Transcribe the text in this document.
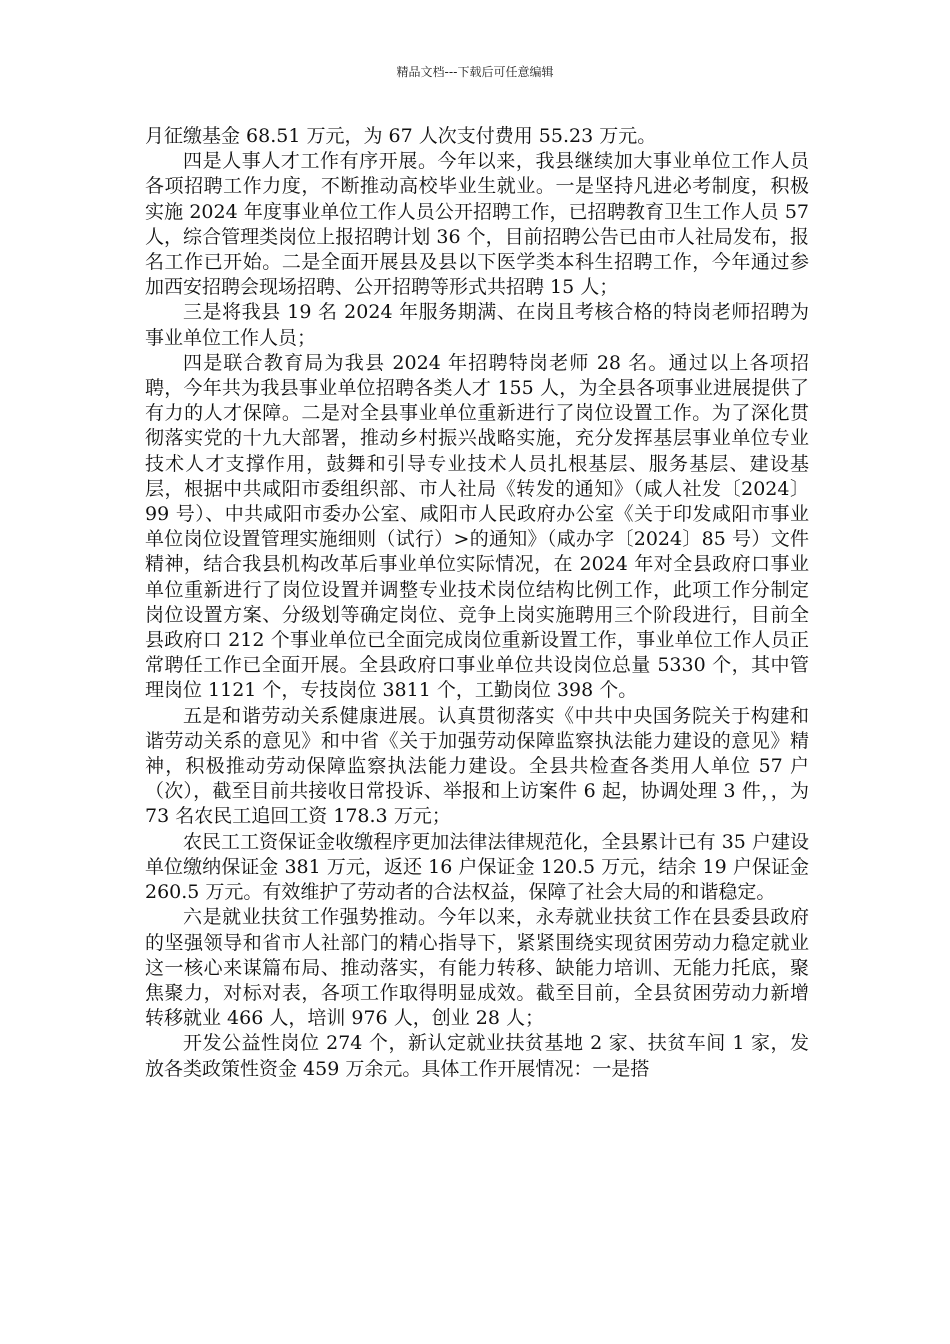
精品文档---下载后可任意编辑

月征缴基金 68.51 万元，为 67 人次支付费用 55.23 万元。

四是人事人才工作有序开展。今年以来，我县继续加大事业单位工作人员各项招聘工作力度，不断推动高校毕业生就业。一是坚持凡进必考制度，积极实施 2024 年度事业单位工作人员公开招聘工作，已招聘教育卫生工作人员 57 人，综合管理类岗位上报招聘计划 36 个，目前招聘公告已由市人社局发布，报名工作已开始。二是全面开展县及县以下医学类本科生招聘工作，今年通过参加西安招聘会现场招聘、公开招聘等形式共招聘 15 人；

三是将我县 19 名 2024 年服务期满、在岗且考核合格的特岗老师招聘为事业单位工作人员；

四是联合教育局为我县 2024 年招聘特岗老师 28 名。通过以上各项招聘，今年共为我县事业单位招聘各类人才 155 人，为全县各项事业进展提供了有力的人才保障。二是对全县事业单位重新进行了岗位设置工作。为了深化贯彻落实党的十九大部署，推动乡村振兴战略实施，充分发挥基层事业单位专业技术人才支撑作用，鼓舞和引导专业技术人员扎根基层、服务基层、建设基层，根据中共咸阳市委组织部、市人社局《转发的通知》（咸人社发〔2024〕99 号）、中共咸阳市委办公室、咸阳市人民政府办公室《关于印发咸阳市事业单位岗位设置管理实施细则（试行）>的通知》（咸办字〔2024〕85 号）文件精神，结合我县机构改革后事业单位实际情况，在 2024 年对全县政府口事业单位重新进行了岗位设置并调整专业技术岗位结构比例工作，此项工作分制定岗位设置方案、分级划等确定岗位、竞争上岗实施聘用三个阶段进行，目前全县政府口 212 个事业单位已全面完成岗位重新设置工作，事业单位工作人员正常聘任工作已全面开展。全县政府口事业单位共设岗位总量 5330 个，其中管理岗位 1121 个，专技岗位 3811 个，工勤岗位 398 个。

五是和谐劳动关系健康进展。认真贯彻落实《中共中央国务院关于构建和谐劳动关系的意见》和中省《关于加强劳动保障监察执法能力建设的意见》精神，积极推动劳动保障监察执法能力建设。全县共检查各类用人单位 57 户（次），截至目前共接收日常投诉、举报和上访案件 6 起，协调处理 3 件，，为 73 名农民工追回工资 178.3 万元；

农民工工资保证金收缴程序更加法律法律规范化，全县累计已有 35 户建设单位缴纳保证金 381 万元，返还 16 户保证金 120.5 万元，结余 19 户保证金 260.5 万元。有效维护了劳动者的合法权益，保障了社会大局的和谐稳定。

六是就业扶贫工作强势推动。今年以来，永寿就业扶贫工作在县委县政府的坚强领导和省市人社部门的精心指导下，紧紧围绕实现贫困劳动力稳定就业这一核心来谋篇布局、推动落实，有能力转移、缺能力培训、无能力托底，聚焦聚力，对标对表，各项工作取得明显成效。截至目前，全县贫困劳动力新增转移就业 466 人，培训 976 人，创业 28 人；

开发公益性岗位 274 个，新认定就业扶贫基地 2 家、扶贫车间 1 家，发放各类政策性资金 459 万余元。具体工作开展情况：一是搭
